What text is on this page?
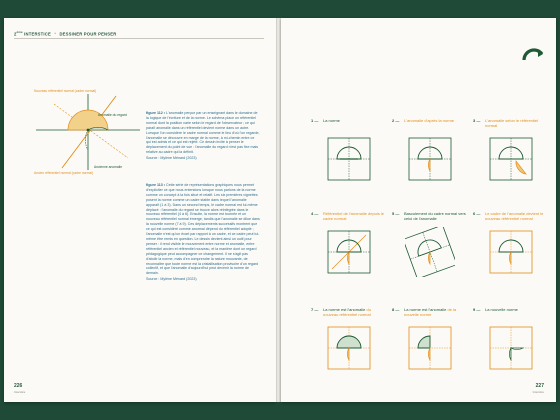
2ème INTERSTICE • DESSINER POUR PENSER
Nouveau référentiel normal (cadre normal)
Anomalie du regard
Ancien référentiel normal (cadre normal)
Ancienne anomalie
figure 112 • L'anomalie perçue par un enseignant dans le domaine de la logique de l'écriture et de la norme. Le schéma place un référentiel normal dont la position varie selon le regard de l'observateur ; ce qui paraît anomalie dans un référentiel devient norme dans un autre. Lorsque l'on considère le cadre normal comme le lieu d'où l'on regarde, l'anomalie se découvre en marge de la norme, à mi-chemin entre ce qui est admis et ce qui est rejeté. Ce dessin invite à penser le déplacement du point de vue : l'anomalie du regard n'est pas fixe mais relative au cadre qui la définit.
Source : Mylène Ménard (2023)
figure 113 • Cette série de représentations graphiques nous permet d'expliciter ce que nous entendons lorsque nous parlons de la norme comme un concept à la fois situé et relatif. Les six premières vignettes posent la norme comme un cadre stable dans lequel l'anomalie apparaît (1 à 3). Dans un second temps, le cadre normal est lui-même déplacé : l'anomalie du regard se trouve alors réintégrée dans le nouveau référentiel (4 à 6). Ensuite, la norme est tournée et un nouveau référentiel normal émerge, tandis que l'anomalie se dilue dans la nouvelle norme (7 à 9). Ces déplacements successifs montrent que ce qui est considéré comme anormal dépend du référentiel adopté ; l'anomalie n'est qu'un écart par rapport à un cadre, et ce cadre peut lui-même être remis en question. Le dessin devient ainsi un outil pour penser : il rend visible le mouvement entre norme et anomalie, entre référentiel ancien et référentiel nouveau, et la manière dont un regard pédagogique peut accompagner ce changement. Il ne s'agit pas d'abolir la norme, mais d'en comprendre la nature mouvante, de reconnaître que toute norme est la cristallisation provisoire d'un regard collectif, et que l'anomalie d'aujourd'hui peut devenir la norme de demain.
Source : Mylène Ménard (2023)
226
Interstice
1 — La norme	2 — L'anomalie d'après la norme	3 — L'anomalie selon le référentiel normal
4 — Référentiel de l'anomalie depuis le cadre normal
5 — Basculement du cadre normal vers celui de l'anomalie
6 — Le cadre de l'anomalie devient le nouveau référentiel normal
7 — La norme est l'anomalie du nouveau référentiel normal
8 — La norme est l'anomalie de la nouvelle norme
9 — La nouvelle norme
227
Interstice
